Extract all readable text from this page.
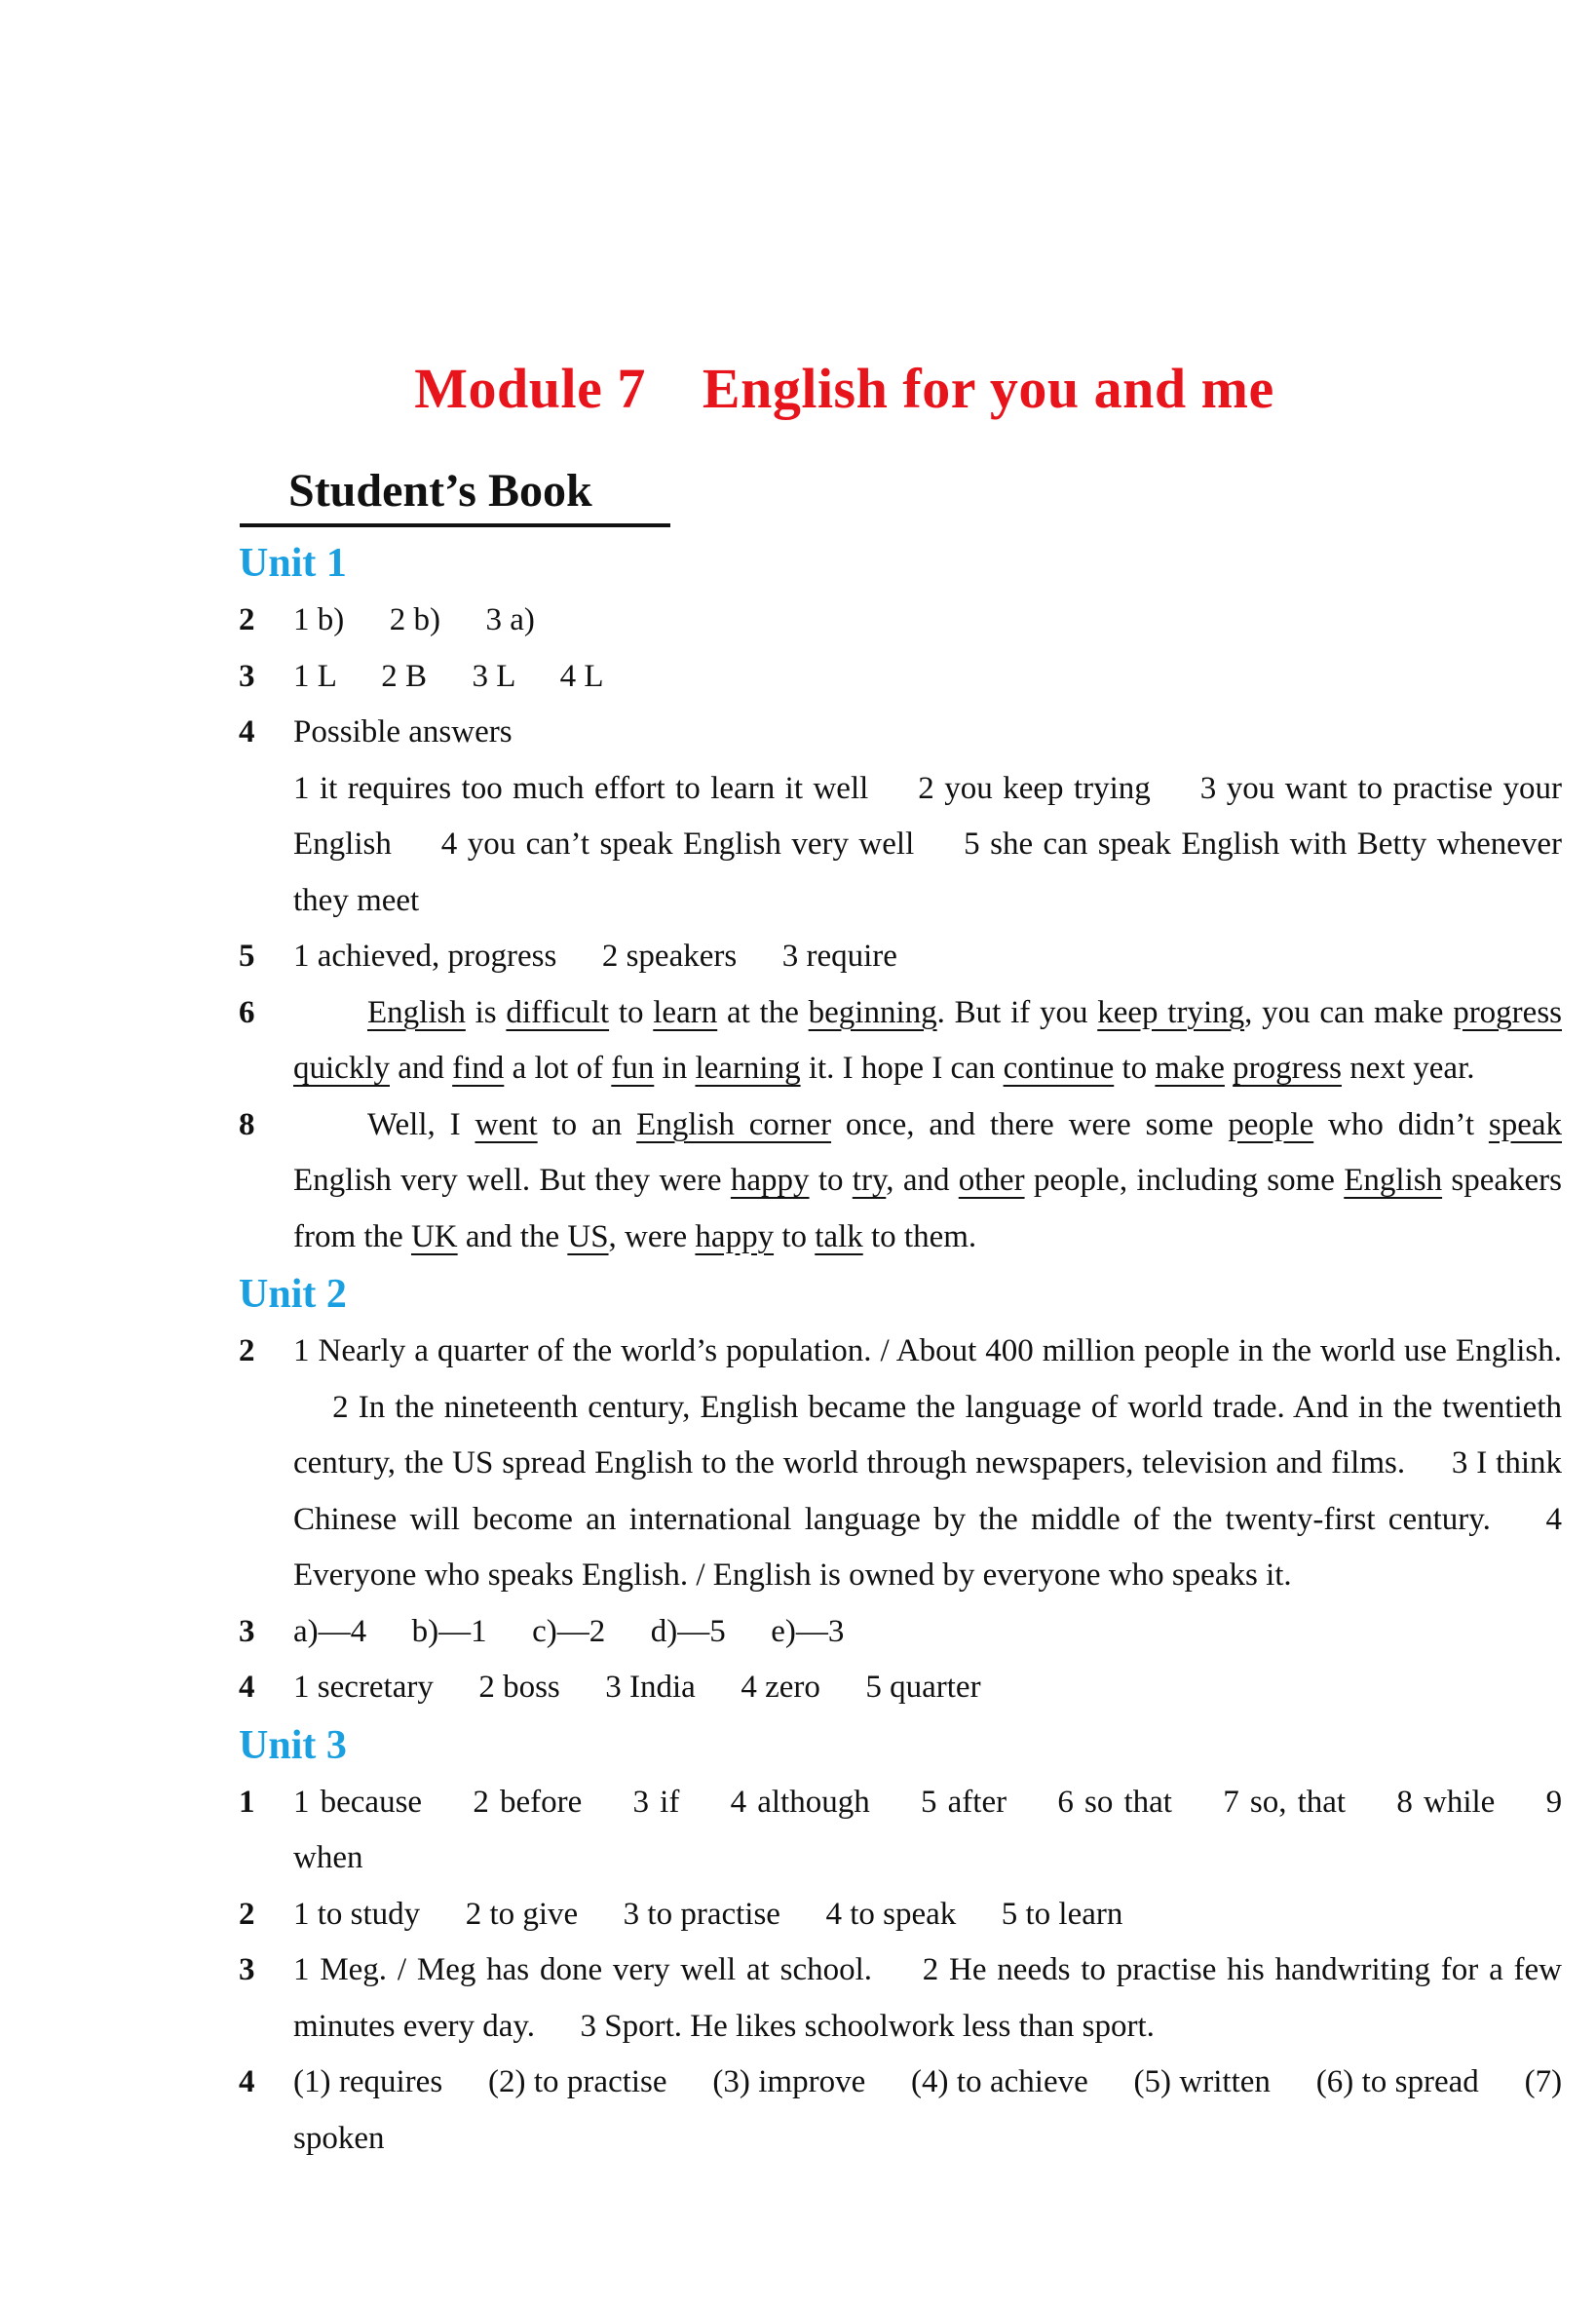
Module 7 English for you and me
Student’s Book
Unit 1
2	1 b) 2 b) 3 a)
3	1 L 2 B 3 L 4 L
4	Possible answers
1 it requires too much effort to learn it well 2 you keep trying 3 you want to practise your English 4 you can’t speak English very well 5 she can speak English with Betty whenever they meet
5	1 achieved, progress 2 speakers 3 require
6	English is difficult to learn at the beginning. But if you keep trying, you can make progress quickly and find a lot of fun in learning it. I hope I can continue to make progress next year.
8	Well, I went to an English corner once, and there were some people who didn’t speak English very well. But they were happy to try, and other people, including some English speakers from the UK and the US, were happy to talk to them.
Unit 2
2	1 Nearly a quarter of the world’s population. / About 400 million people in the world use English.  2 In the nineteenth century, English became the language of world trade. And in the twentieth century, the US spread English to the world through newspapers, television and films. 3 I think Chinese will become an international language by the middle of the twenty-first century. 4 Everyone who speaks English. / English is owned by everyone who speaks it.
3	a)—4 b)—1 c)—2 d)—5 e)—3
4	1 secretary 2 boss 3 India 4 zero 5 quarter
Unit 3
1	1 because 2 before 3 if 4 although 5 after 6 so that 7 so, that 8 while 9 when
2	1 to study 2 to give 3 to practise 4 to speak 5 to learn
3	1 Meg. / Meg has done very well at school. 2 He needs to practise his handwriting for a few minutes every day. 3 Sport. He likes schoolwork less than sport.
4	(1) requires (2) to practise (3) improve (4) to achieve (5) written (6) to spread (7) spoken
